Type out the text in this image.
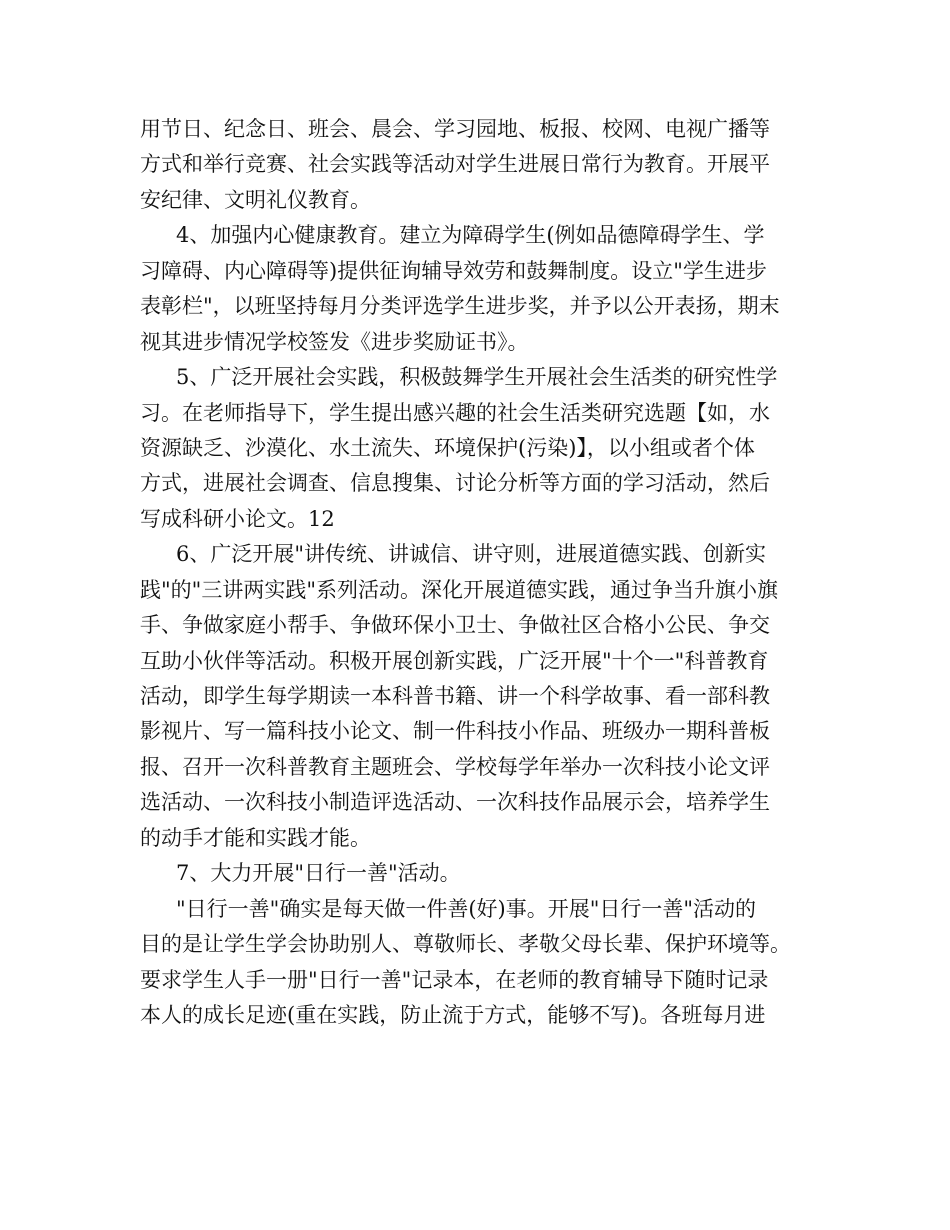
用节日、纪念日、班会、晨会、学习园地、板报、校网、电视广播等
方式和举行竞赛、社会实践等活动对学生进展日常行为教育。开展平
安纪律、文明礼仪教育。
4、加强内心健康教育。建立为障碍学生(例如品德障碍学生、学
习障碍、内心障碍等)提供征询辅导效劳和鼓舞制度。设立"学生进步
表彰栏"，以班坚持每月分类评选学生进步奖，并予以公开表扬，期末
视其进步情况学校签发《进步奖励证书》。
5、广泛开展社会实践，积极鼓舞学生开展社会生活类的研究性学
习。在老师指导下，学生提出感兴趣的社会生活类研究选题【如，水
资源缺乏、沙漠化、水土流失、环境保护(污染)】，以小组或者个体
方式，进展社会调查、信息搜集、讨论分析等方面的学习活动，然后
写成科研小论文。12
6、广泛开展"讲传统、讲诚信、讲守则，进展道德实践、创新实
践"的"三讲两实践"系列活动。深化开展道德实践，通过争当升旗小旗
手、争做家庭小帮手、争做环保小卫士、争做社区合格小公民、争交
互助小伙伴等活动。积极开展创新实践，广泛开展"十个一"科普教育
活动，即学生每学期读一本科普书籍、讲一个科学故事、看一部科教
影视片、写一篇科技小论文、制一件科技小作品、班级办一期科普板
报、召开一次科普教育主题班会、学校每学年举办一次科技小论文评
选活动、一次科技小制造评选活动、一次科技作品展示会，培养学生
的动手才能和实践才能。
7、大力开展"日行一善"活动。
"日行一善"确实是每天做一件善(好)事。开展"日行一善"活动的
目的是让学生学会协助别人、尊敬师长、孝敬父母长辈、保护环境等。
要求学生人手一册"日行一善"记录本，在老师的教育辅导下随时记录
本人的成长足迹(重在实践，防止流于方式，能够不写)。各班每月进
